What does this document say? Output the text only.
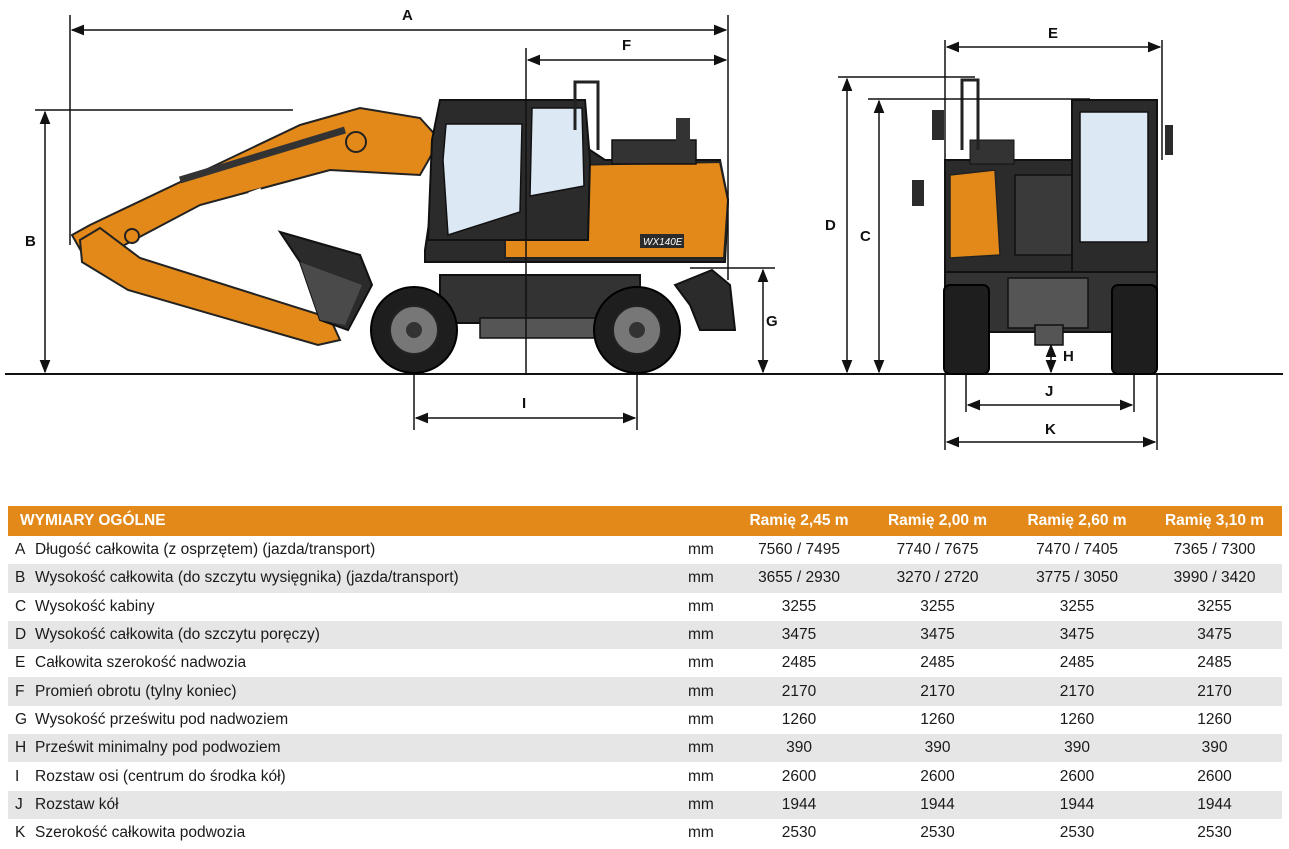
CASE
WX140E
A
F
B
G
I
D
C
E
H
J
K
WYMIARY OGÓLNE		Ramię 2,45 m	Ramię 2,00 m	Ramię 2,60 m	Ramię 3,10 m
A Długość całkowita (z osprzętem) (jazda/transport)	mm	7560 / 7495	7740 / 7675	7470 / 7405	7365 / 7300
B Wysokość całkowita (do szczytu wysięgnika) (jazda/transport)	mm	3655 / 2930	3270 / 2720	3775 / 3050	3990 / 3420
C Wysokość kabiny	mm	3255	3255	3255	3255
D Wysokość całkowita (do szczytu poręczy)	mm	3475	3475	3475	3475
E Całkowita szerokość nadwozia	mm	2485	2485	2485	2485
F Promień obrotu (tylny koniec)	mm	2170	2170	2170	2170
G Wysokość prześwitu pod nadwoziem	mm	1260	1260	1260	1260
H Prześwit minimalny pod podwoziem	mm	390	390	390	390
I Rozstaw osi (centrum do środka kół)	mm	2600	2600	2600	2600
J Rozstaw kół	mm	1944	1944	1944	1944
K Szerokość całkowita podwozia	mm	2530	2530	2530	2530
